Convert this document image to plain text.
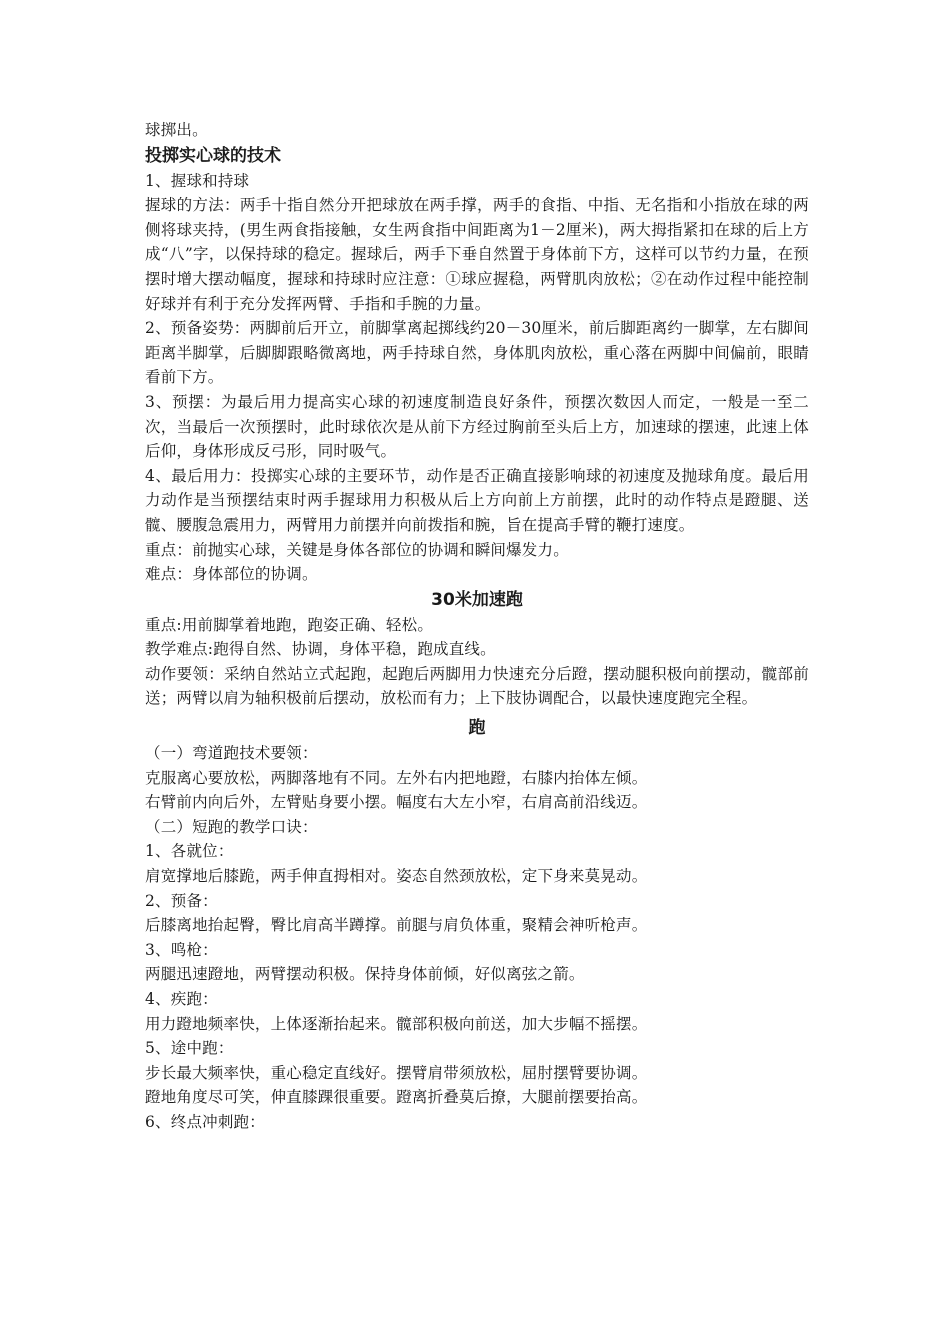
球掷出。

投掷实心球的技术

1、握球和持球

握球的方法：两手十指自然分开把球放在两手撑，两手的食指、中指、无名指和小指放在球的两侧将球夹持，(男生两食指接触，女生两食指中间距离为1－2厘米)，两大拇指紧扣在球的后上方成“八”字，以保持球的稳定。握球后，两手下垂自然置于身体前下方，这样可以节约力量，在预摆时增大摆动幅度，握球和持球时应注意：①球应握稳，两臂肌肉放松；②在动作过程中能控制好球并有利于充分发挥两臂、手指和手腕的力量。

2、预备姿势：两脚前后开立，前脚掌离起掷线约20－30厘米，前后脚距离约一脚掌，左右脚间距离半脚掌，后脚脚跟略微离地，两手持球自然，身体肌肉放松，重心落在两脚中间偏前，眼睛看前下方。

3、预摆：为最后用力提高实心球的初速度制造良好条件，预摆次数因人而定，一般是一至二次，当最后一次预摆时，此时球依次是从前下方经过胸前至头后上方，加速球的摆速，此速上体后仰，身体形成反弓形，同时吸气。

4、最后用力：投掷实心球的主要环节，动作是否正确直接影响球的初速度及抛球角度。最后用力动作是当预摆结束时两手握球用力积极从后上方向前上方前摆，此时的动作特点是蹬腿、送髋、腰腹急震用力，两臂用力前摆并向前拨指和腕，旨在提高手臂的鞭打速度。

重点：前抛实心球，关键是身体各部位的协调和瞬间爆发力。

难点：身体部位的协调。

30米加速跑

重点:用前脚掌着地跑，跑姿正确、轻松。

教学难点:跑得自然、协调，身体平稳，跑成直线。

动作要领：采纳自然站立式起跑，起跑后两脚用力快速充分后蹬，摆动腿积极向前摆动，髋部前送；两臂以肩为轴积极前后摆动，放松而有力；上下肢协调配合，以最快速度跑完全程。

跑

（一）弯道跑技术要领：

克服离心要放松，两脚落地有不同。左外右内把地蹬，右膝内抬体左倾。

右臂前内向后外，左臂贴身要小摆。幅度右大左小窄，右肩高前沿线迈。

（二）短跑的教学口诀：

1、各就位：

肩宽撑地后膝跪，两手伸直拇相对。姿态自然颈放松，定下身来莫晃动。

2、预备：

后膝离地抬起臀，臀比肩高半蹲撑。前腿与肩负体重，聚精会神听枪声。

3、鸣枪：

两腿迅速蹬地，两臂摆动积极。保持身体前倾，好似离弦之箭。

4、疾跑：

用力蹬地频率快，上体逐渐抬起来。髋部积极向前送，加大步幅不摇摆。

5、途中跑：

步长最大频率快，重心稳定直线好。摆臂肩带须放松，屈肘摆臂要协调。

蹬地角度尽可笑，伸直膝踝很重要。蹬离折叠莫后撩，大腿前摆要抬高。

6、终点冲刺跑：
